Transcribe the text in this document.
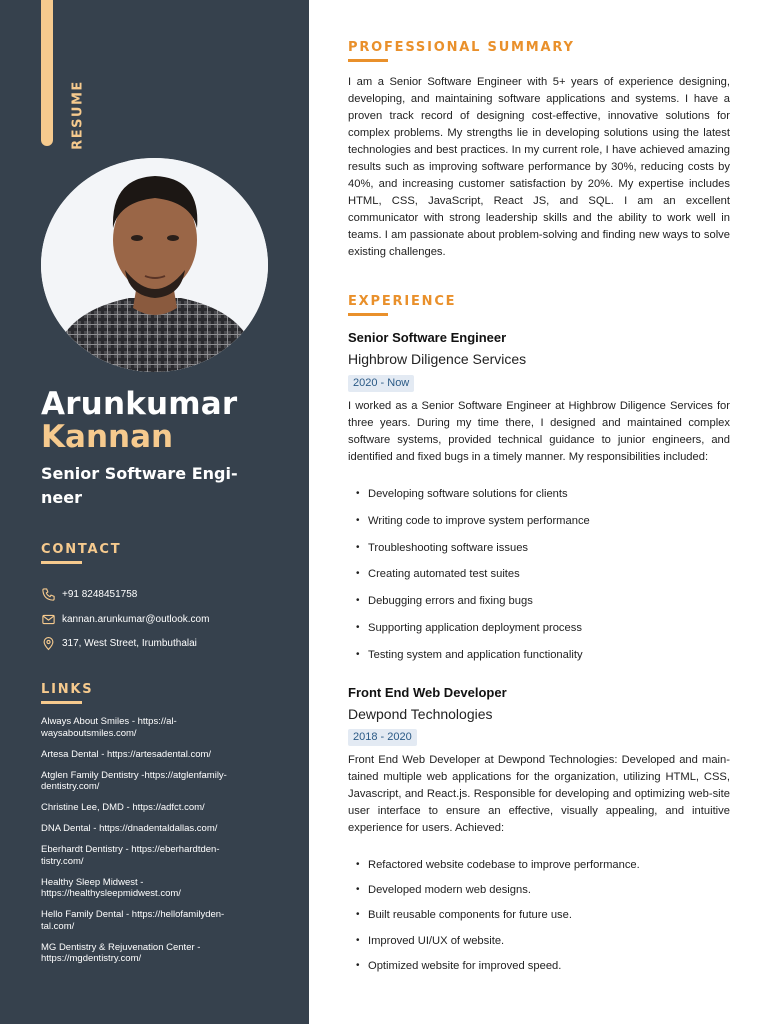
RESUME
Arunkumar
Kannan
Senior Software Engi-
neer
CONTACT
+91 8248451758
kannan.arunkumar@outlook.com
317, West Street, Irumbuthalai
LINKS
Always About Smiles - https://al-
waysaboutsmiles.com/
Artesa Dental - https://artesadental.com/
Atglen Family Dentistry -https://atglenfamily-
dentistry.com/
Christine Lee, DMD - https://adfct.com/
DNA Dental - https://dnadentaldallas.com/
Eberhardt Dentistry - https://eberhardtden-
tistry.com/
Healthy Sleep Midwest -
https://healthysleepmidwest.com/
Hello Family Dental - https://hellofamilyden-
tal.com/
MG Dentistry & Rejuvenation Center -
https://mgdentistry.com/
PROFESSIONAL SUMMARY

I am a Senior Software Engineer with 5+ years of experience designing, developing, and maintaining software applications and systems. I have a proven track record of designing cost-effective, innovative solutions for complex problems. My strengths lie in developing solutions using the latest technologies and best practices. In my current role, I have achieved amazing results such as improving software performance by 30%, reducing costs by 40%, and increasing customer satisfaction by 20%. My expertise includes HTML, CSS, JavaScript, React JS, and SQL. I am an excellent communicator with strong leadership skills and the ability to work well in teams. I am passionate about problem-solving and finding new ways to solve existing challenges.

EXPERIENCE
Senior Software Engineer
Highbrow Diligence Services
2020 - Now

I worked as a Senior Software Engineer at Highbrow Diligence Services for three years. During my time there, I designed and maintained complex software systems, provided technical guidance to junior engineers, and identified and fixed bugs in a timely manner. My responsibilities included:

• Developing software solutions for clients
• Writing code to improve system performance
• Troubleshooting software issues
• Creating automated test suites
• Debugging errors and fixing bugs
• Supporting application deployment process
• Testing system and application functionality
Front End Web Developer
Dewpond Technologies
2018 - 2020

Front End Web Developer at Dewpond Technologies: Developed and main-tained multiple web applications for the organization, utilizing HTML, CSS, Javascript, and React.js. Responsible for developing and optimizing web-site user interface to ensure an effective, visually appealing, and intuitive experience for users. Achieved:

• Refactored website codebase to improve performance.
• Developed modern web designs.
• Built reusable components for future use.
• Improved UI/UX of website.
• Optimized website for improved speed.
